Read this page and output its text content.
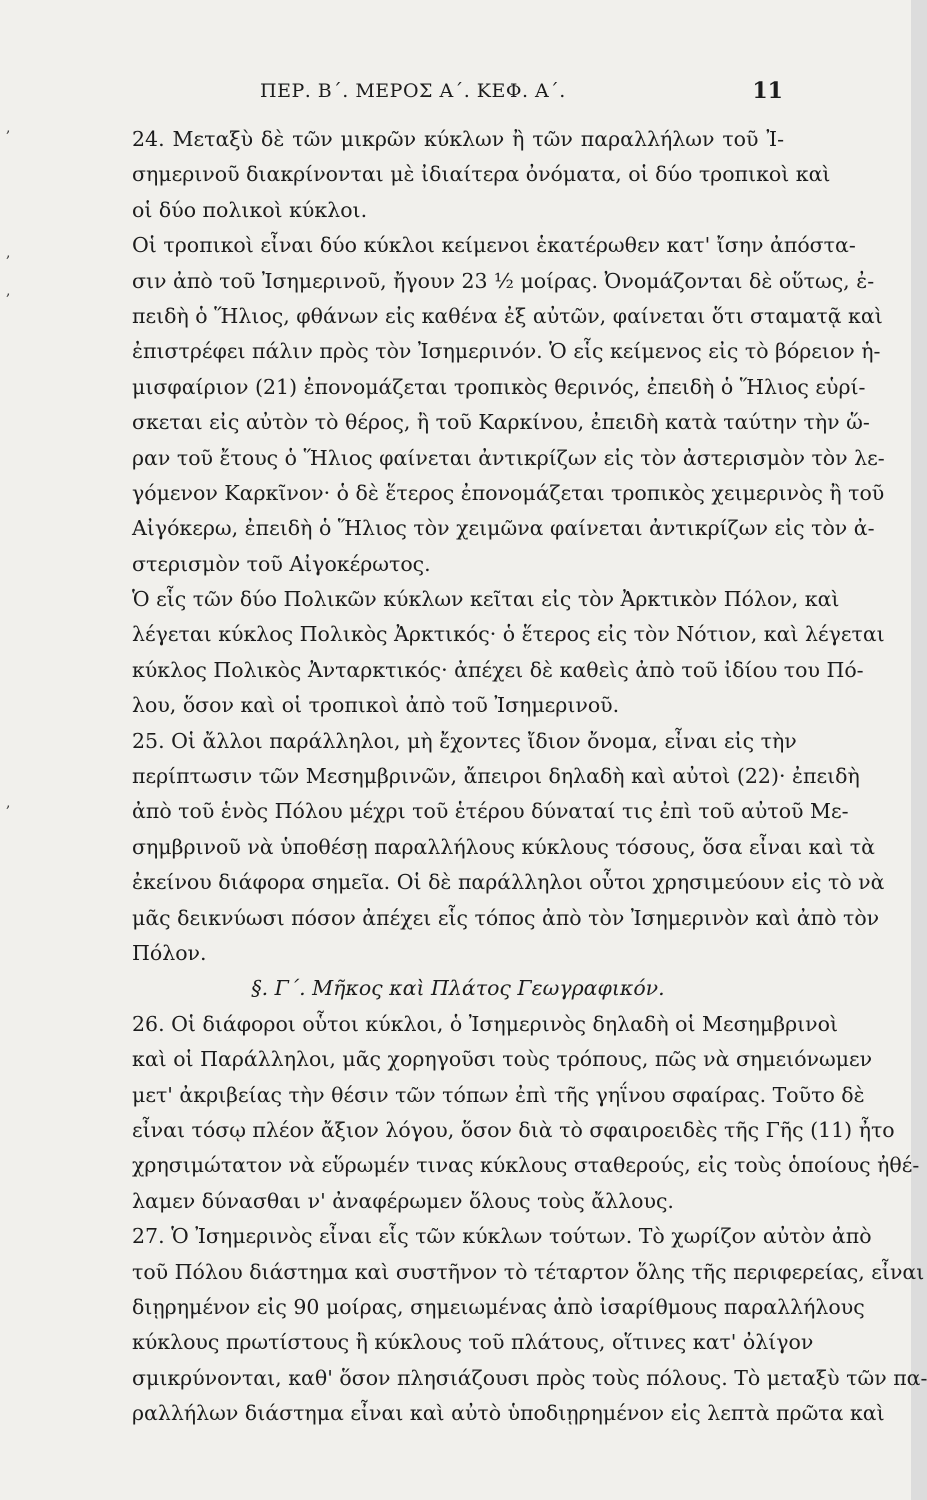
,
,
,
,
ΠΕΡ. Β΄. ΜΕΡΟΣ Α΄. ΚΕΦ. Α΄.	11
24. Μεταξὺ δὲ τῶν μικρῶν κύκλων ἢ τῶν παραλλήλων τοῦ Ἰ-
σημερινοῦ διακρίνονται μὲ ἰδιαίτερα ὀνόματα, οἱ δύο τροπικοὶ καὶ
οἱ δύο πολικοὶ κύκλοι.
Οἱ τροπικοὶ εἶναι δύο κύκλοι κείμενοι ἑκατέρωθεν κατ' ἴσην ἀπόστα-
σιν ἀπὸ τοῦ Ἰσημερινοῦ, ἤγουν 23 ½ μοίρας. Ὀνομάζονται δὲ οὕτως, ἐ-
πειδὴ ὁ Ἥλιος, φθάνων εἰς καθένα ἐξ αὐτῶν, φαίνεται ὅτι σταματᾷ καὶ
ἐπιστρέφει πάλιν πρὸς τὸν Ἰσημερινόν. Ὁ εἷς κείμενος εἰς τὸ βόρειον ἡ-
μισφαίριον (21) ἐπονομάζεται τροπικὸς θερινός, ἐπειδὴ ὁ Ἥλιος εὑρί-
σκεται εἰς αὐτὸν τὸ θέρος, ἢ τοῦ Καρκίνου, ἐπειδὴ κατὰ ταύτην τὴν ὥ-
ραν τοῦ ἔτους ὁ Ἥλιος φαίνεται ἀντικρίζων εἰς τὸν ἀστερισμὸν τὸν λε-
γόμενον Καρκῖνον· ὁ δὲ ἕτερος ἐπονομάζεται τροπικὸς χειμερινὸς ἢ τοῦ
Αἰγόκερω, ἐπειδὴ ὁ Ἥλιος τὸν χειμῶνα φαίνεται ἀντικρίζων εἰς τὸν ἀ-
στερισμὸν τοῦ Αἰγοκέρωτος.
Ὁ εἷς τῶν δύο Πολικῶν κύκλων κεῖται εἰς τὸν Ἀρκτικὸν Πόλον, καὶ
λέγεται κύκλος Πολικὸς Ἀρκτικός· ὁ ἕτερος εἰς τὸν Νότιον, καὶ λέγεται
κύκλος Πολικὸς Ἀνταρκτικός· ἀπέχει δὲ καθεὶς ἀπὸ τοῦ ἰδίου του Πό-
λου, ὅσον καὶ οἱ τροπικοὶ ἀπὸ τοῦ Ἰσημερινοῦ.
25. Οἱ ἄλλοι παράλληλοι, μὴ ἔχοντες ἴδιον ὄνομα, εἶναι εἰς τὴν
περίπτωσιν τῶν Μεσημβρινῶν, ἄπειροι δηλαδὴ καὶ αὐτοὶ (22)· ἐπειδὴ
ἀπὸ τοῦ ἑνὸς Πόλου μέχρι τοῦ ἑτέρου δύναταί τις ἐπὶ τοῦ αὐτοῦ Με-
σημβρινοῦ νὰ ὑποθέσῃ παραλλήλους κύκλους τόσους, ὅσα εἶναι καὶ τὰ
ἐκείνου διάφορα σημεῖα. Οἱ δὲ παράλληλοι οὗτοι χρησιμεύουν εἰς τὸ νὰ
μᾶς δεικνύωσι πόσον ἀπέχει εἷς τόπος ἀπὸ τὸν Ἰσημερινὸν καὶ ἀπὸ τὸν
Πόλον.
§. Γ΄. Μῆκος καὶ Πλάτος Γεωγραφικόν.
26. Οἱ διάφοροι οὗτοι κύκλοι, ὁ Ἰσημερινὸς δηλαδὴ οἱ Μεσημβρινοὶ
καὶ οἱ Παράλληλοι, μᾶς χορηγοῦσι τοὺς τρόπους, πῶς νὰ σημειόνωμεν
μετ' ἀκριβείας τὴν θέσιν τῶν τόπων ἐπὶ τῆς γηΐνου σφαίρας. Τοῦτο δὲ
εἶναι τόσῳ πλέον ἄξιον λόγου, ὅσον διὰ τὸ σφαιροειδὲς τῆς Γῆς (11) ἦτο
χρησιμώτατον νὰ εὕρωμέν τινας κύκλους σταθερούς, εἰς τοὺς ὁποίους ἠθέ-
λαμεν δύνασθαι ν' ἀναφέρωμεν ὅλους τοὺς ἄλλους.
27. Ὁ Ἰσημερινὸς εἶναι εἷς τῶν κύκλων τούτων. Τὸ χωρίζον αὐτὸν ἀπὸ
τοῦ Πόλου διάστημα καὶ συστῆνον τὸ τέταρτον ὅλης τῆς περιφερείας, εἶναι
διῃρημένον εἰς 90 μοίρας, σημειωμένας ἀπὸ ἰσαρίθμους παραλλήλους
κύκλους πρωτίστους ἢ κύκλους τοῦ πλάτους, οἵτινες κατ' ὀλίγον
σμικρύνονται, καθ' ὅσον πλησιάζουσι πρὸς τοὺς πόλους. Τὸ μεταξὺ τῶν πα-
ραλλήλων διάστημα εἶναι καὶ αὐτὸ ὑποδιῃρημένον εἰς λεπτὰ πρῶτα καὶ
